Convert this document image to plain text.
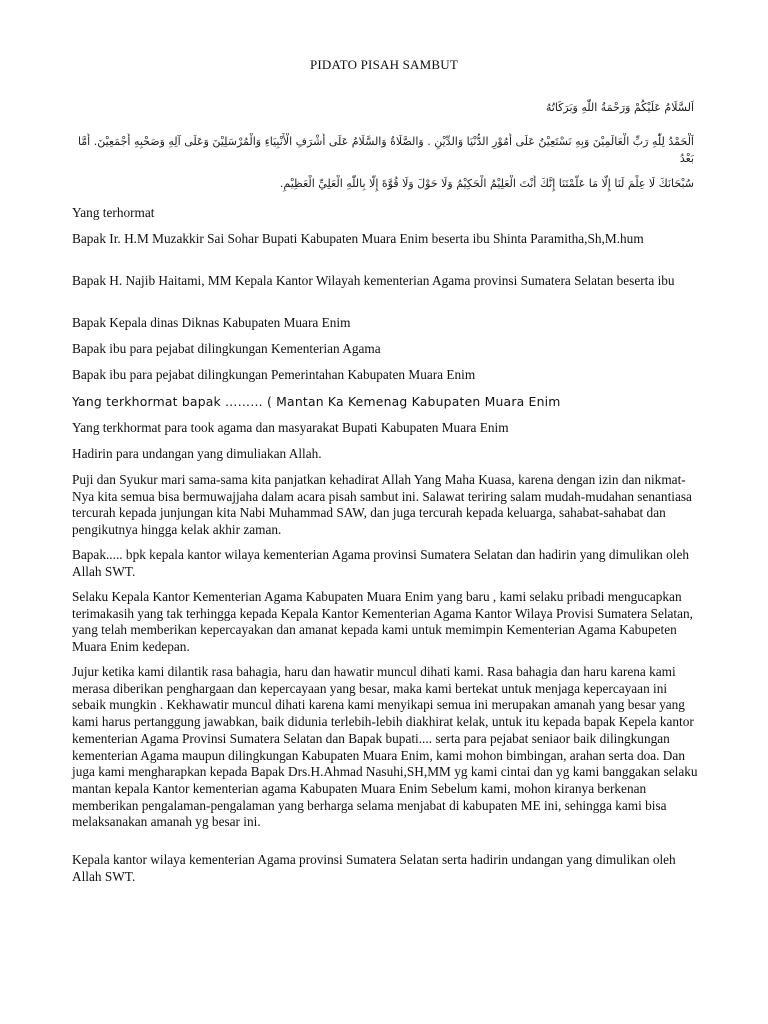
PIDATO PISAH SAMBUT
اَلسَّلَامُ عَلَيْكُمْ وَرَحْمَةُ اللّٰهِ وَبَرَكَاتُهُ
اَلْحَمْدُ لِلّٰهِ رَبِّ الْعَالَمِيْنَ وَبِهِ نَسْتَعِيْنُ عَلَى أُمُوْرِ الدُّنْيَا وَالدِّيْنِ . وَالصَّلَاةُ وَالسَّلَامُ عَلَى أَشْرَفِ الْأَنْبِيَاءِ وَالْمُرْسَلِيْنَ وَعَلَى آلِهِ وَصَحْبِهِ أَجْمَعِيْنَ. أَمَّا بَعْدُ
سُبْحَانَكَ لَا عِلْمَ لَنَا إِلَّا مَا عَلَّمْتَنَا إِنَّكَ أَنْتَ الْعَلِيْمُ الْحَكِيْمُ وَلَا حَوْلَ وَلَا قُوَّةَ إِلَّا بِاللّٰهِ الْعَلِيِّ الْعَظِيْمِ.

Yang terhormat

Bapak Ir. H.M Muzakkir Sai Sohar Bupati Kabupaten Muara Enim beserta ibu Shinta Paramitha,Sh,M.hum

Bapak H. Najib Haitami, MM Kepala Kantor Wilayah kementerian Agama provinsi Sumatera Selatan beserta ibu

Bapak Kepala dinas Diknas Kabupaten Muara Enim

Bapak ibu para pejabat dilingkungan Kementerian Agama

Bapak ibu para pejabat dilingkungan Pemerintahan Kabupaten Muara Enim

Yang terkhormat bapak ……… ( Mantan Ka Kemenag Kabupaten Muara Enim

Yang terkhormat para took agama dan masyarakat Bupati Kabupaten Muara Enim

Hadirin para undangan yang dimuliakan Allah.

Puji dan Syukur mari sama-sama kita panjatkan kehadirat Allah Yang Maha Kuasa, karena dengan izin dan nikmat-Nya kita semua bisa bermuwajjaha dalam acara pisah sambut ini. Salawat teriring salam mudah-mudahan senantiasa tercurah kepada junjungan kita Nabi Muhammad SAW, dan juga tercurah kepada keluarga, sahabat-sahabat dan pengikutnya hingga kelak akhir zaman.

Bapak..... bpk kepala kantor wilaya kementerian Agama provinsi Sumatera Selatan dan hadirin yang dimulikan oleh Allah SWT.

Selaku Kepala Kantor Kementerian Agama Kabupaten Muara Enim yang baru , kami selaku pribadi mengucapkan terimakasih yang tak terhingga kepada Kepala Kantor Kementerian Agama Kantor Wilaya Provisi Sumatera Selatan, yang telah memberikan kepercayakan dan amanat kepada kami untuk memimpin Kementerian Agama Kabupeten Muara Enim kedepan.

Jujur ketika kami dilantik rasa bahagia, haru dan hawatir muncul dihati kami. Rasa bahagia dan haru karena kami merasa diberikan penghargaan dan kepercayaan yang besar, maka kami bertekat untuk menjaga kepercayaan ini sebaik mungkin . Kekhawatir muncul dihati karena kami menyikapi semua ini merupakan amanah yang besar yang kami harus pertanggung jawabkan, baik didunia terlebih-lebih diakhirat kelak, untuk itu kepada bapak Kepela kantor kementerian Agama Provinsi Sumatera Selatan dan Bapak bupati.... serta para pejabat seniaor baik dilingkungan kementerian Agama maupun dilingkungan Kabupaten Muara Enim, kami mohon bimbingan, arahan serta doa. Dan juga kami mengharapkan kepada Bapak Drs.H.Ahmad Nasuhi,SH,MM yg kami cintai dan yg kami banggakan selaku mantan kepala Kantor kementerian agama Kabupaten Muara Enim Sebelum kami, mohon kiranya berkenan memberikan pengalaman-pengalaman yang berharga selama menjabat di kabupaten ME ini, sehingga kami bisa melaksanakan amanah yg besar ini.

Kepala kantor wilaya kementerian Agama provinsi Sumatera Selatan serta hadirin undangan yang dimulikan oleh Allah SWT.
